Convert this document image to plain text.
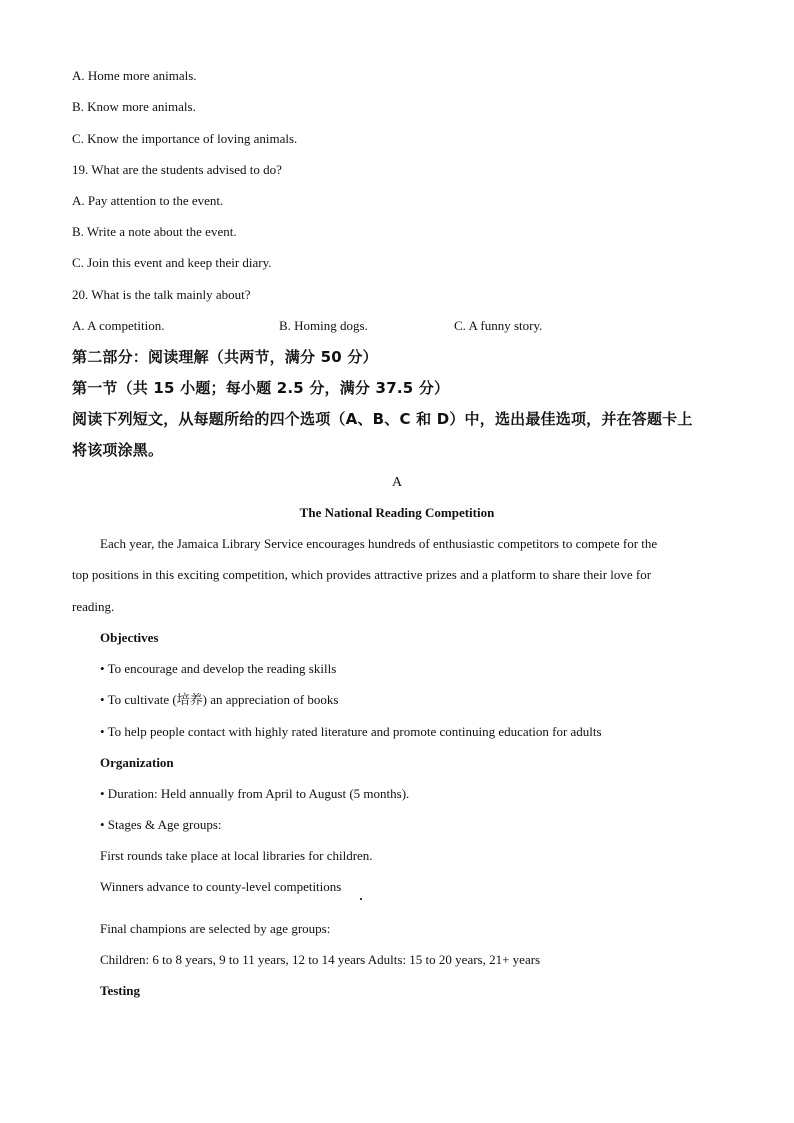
A. Home more animals.
B. Know more animals.
C. Know the importance of loving animals.
19. What are the students advised to do?
A. Pay attention to the event.
B. Write a note about the event.
C. Join this event and keep their diary.
20. What is the talk mainly about?
A. A competition.	B. Homing dogs.	C. A funny story.
第二部分：阅读理解（共两节，满分 50 分）
第一节（共 15 小题；每小题 2.5 分，满分 37.5 分）
阅读下列短文，从每题所给的四个选项（A、B、C 和 D）中，选出最佳选项，并在答题卡上
将该项涂黑。
A
The National Reading Competition
Each year, the Jamaica Library Service encourages hundreds of enthusiastic competitors to compete for the
top positions in this exciting competition, which provides attractive prizes and a platform to share their love for
reading.
Objectives
• To encourage and develop the reading skills
• To cultivate (培养) an appreciation of books
• To help people contact with highly rated literature and promote continuing education for adults
Organization
• Duration: Held annually from April to August (5 months).
• Stages & Age groups:
First rounds take place at local libraries for children.
Winners advance to county-level competitions
Final champions are selected by age groups:
Children: 6 to 8 years, 9 to 11 years, 12 to 14 years Adults: 15 to 20 years, 21+ years
Testing
